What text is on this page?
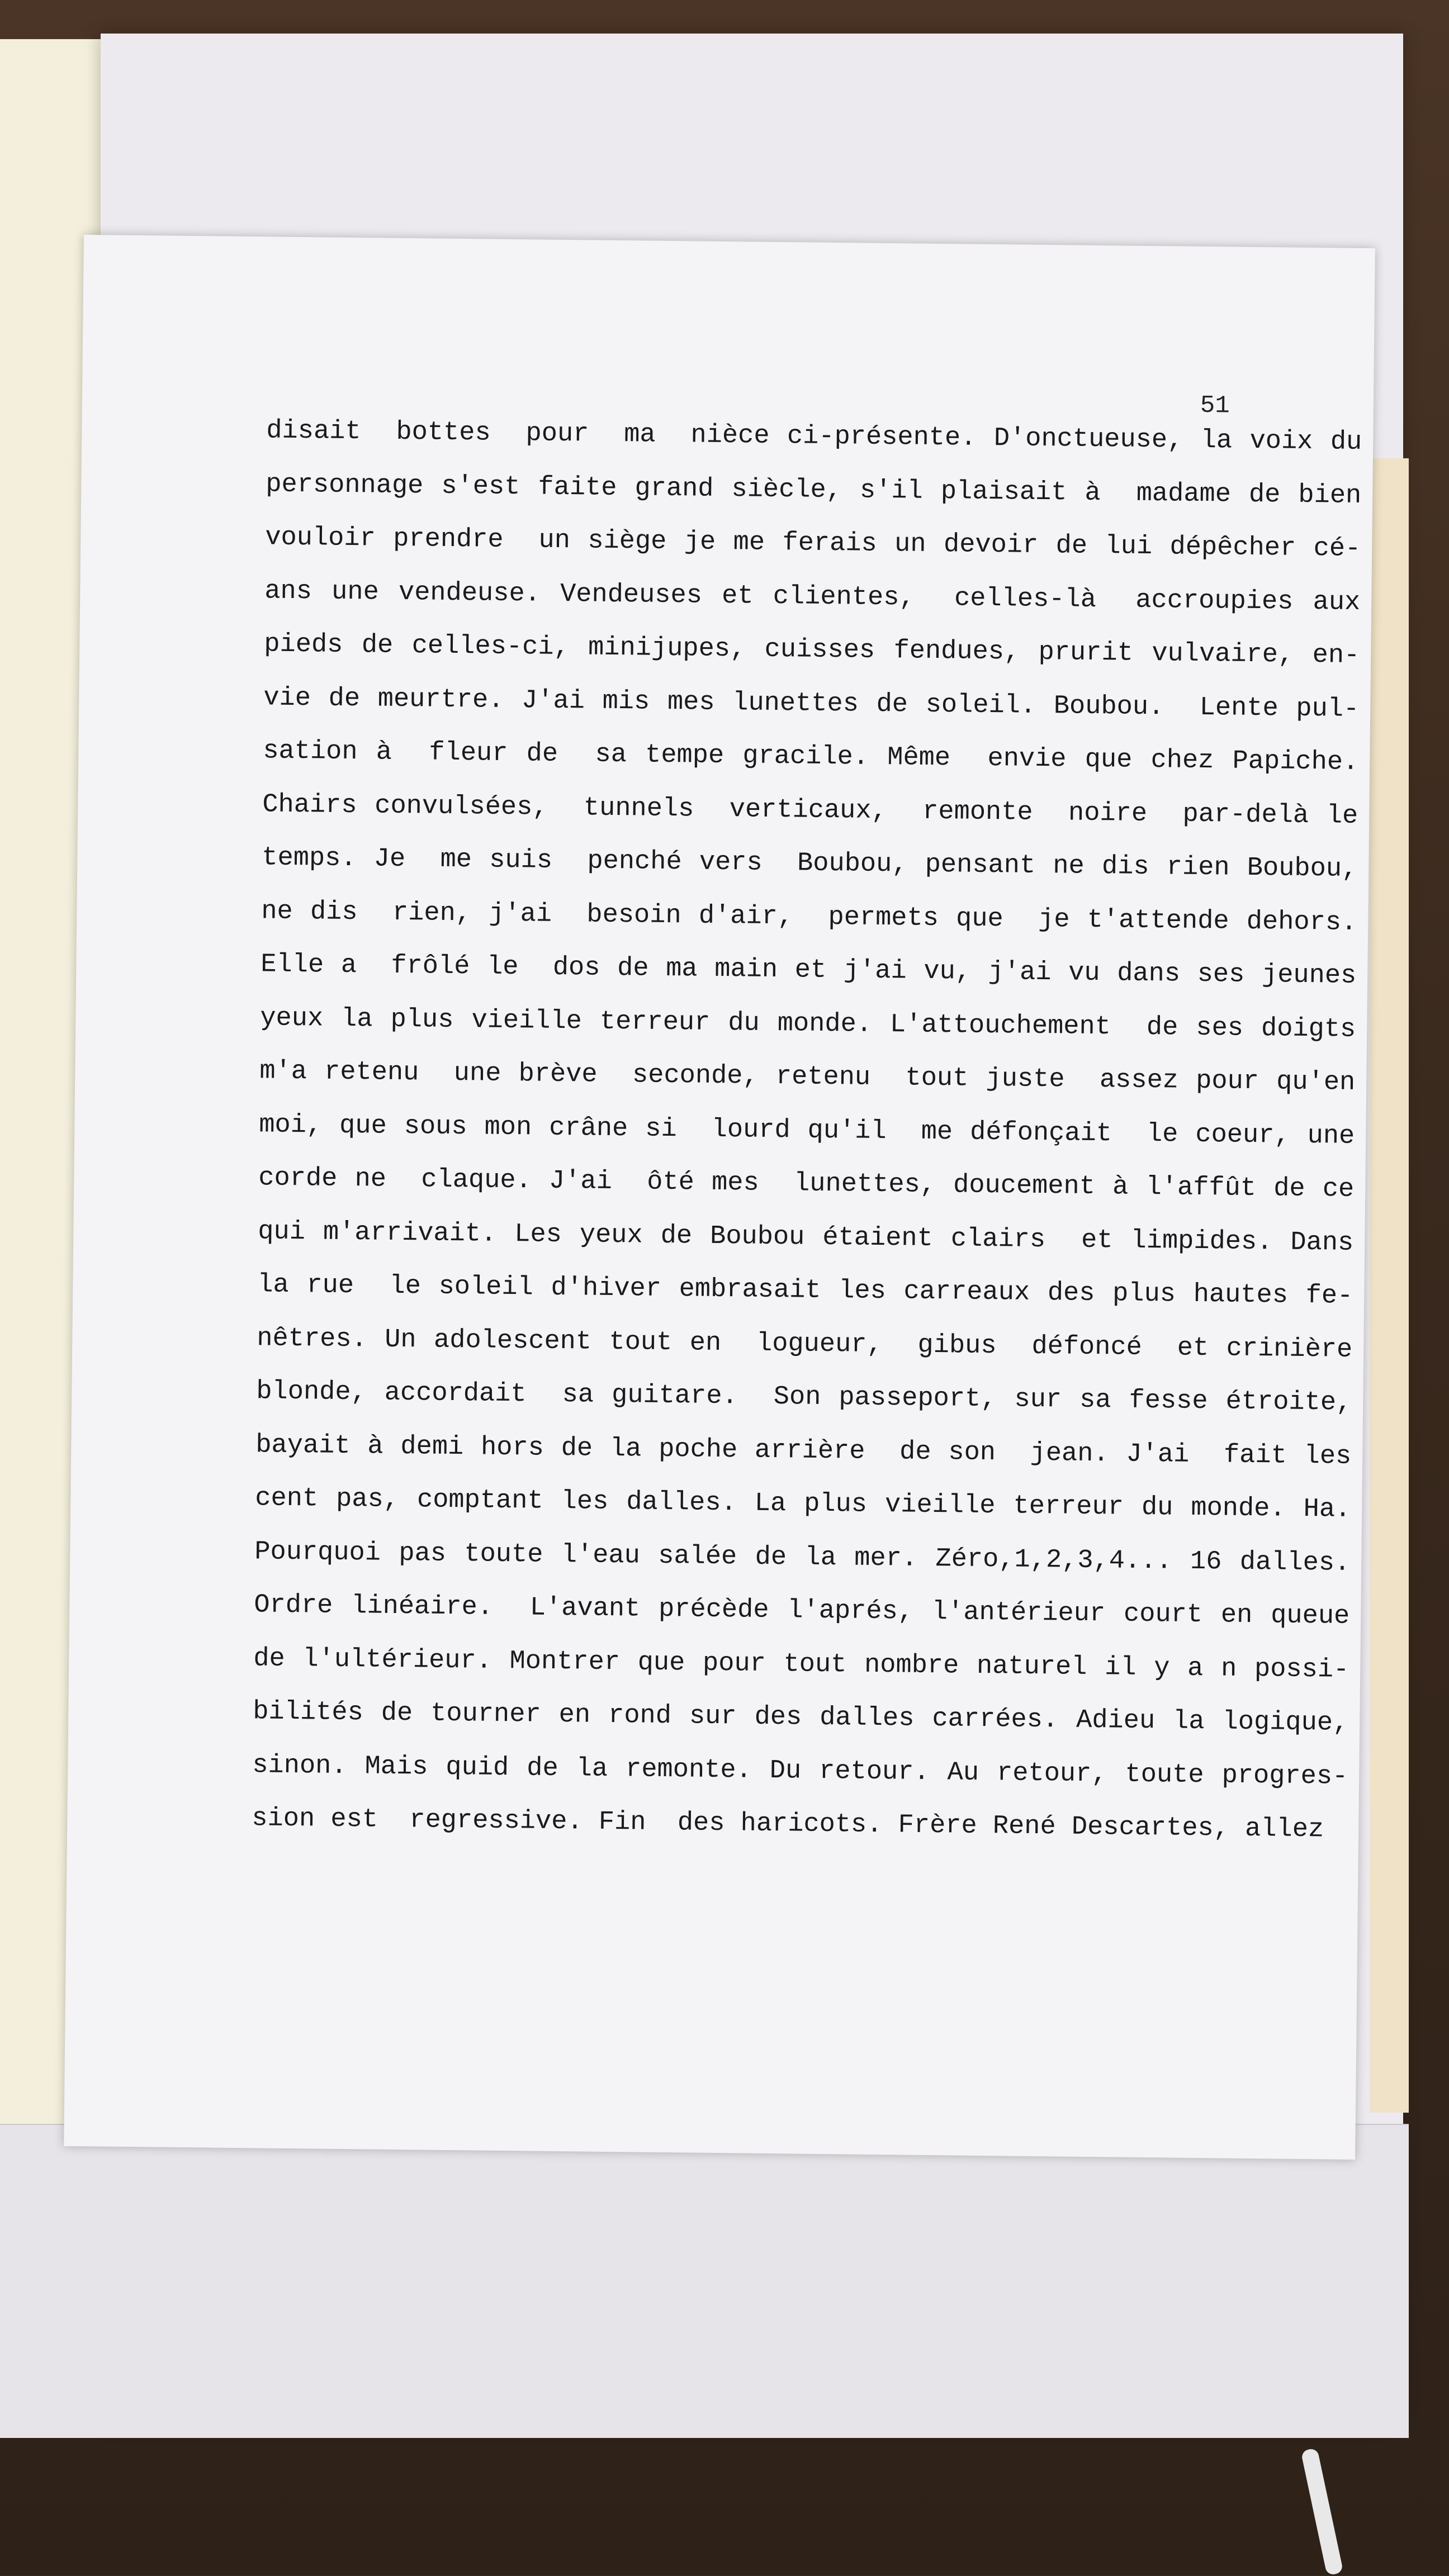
51
disait  bottes  pour  ma  nièce ci-présente. D'onctueuse, la voix du
personnage s'est faite grand siècle, s'il plaisait à  madame de bien
vouloir prendre  un siège je me ferais un devoir de lui dépêcher cé-
ans une vendeuse. Vendeuses et clientes,  celles-là  accroupies aux
pieds de celles-ci, minijupes, cuisses fendues, prurit vulvaire, en-
vie de meurtre. J'ai mis mes lunettes de soleil. Boubou.  Lente pul-
sation à  fleur de  sa tempe gracile. Même  envie que chez Papiche.
Chairs convulsées,  tunnels  verticaux,  remonte  noire  par-delà le
temps. Je  me suis  penché vers  Boubou, pensant ne dis rien Boubou,
ne dis  rien, j'ai  besoin d'air,  permets que  je t'attende dehors.
Elle a  frôlé le  dos de ma main et j'ai vu, j'ai vu dans ses jeunes
yeux la plus vieille terreur du monde. L'attouchement  de ses doigts
m'a retenu  une brève  seconde, retenu  tout juste  assez pour qu'en
moi, que sous mon crâne si  lourd qu'il  me défonçait  le coeur, une
corde ne  claque. J'ai  ôté mes  lunettes, doucement à l'affût de ce
qui m'arrivait. Les yeux de Boubou étaient clairs  et limpides. Dans
la rue  le soleil d'hiver embrasait les carreaux des plus hautes fe-
nêtres. Un adolescent tout en  logueur,  gibus  défoncé  et crinière
blonde, accordait  sa guitare.  Son passeport, sur sa fesse étroite,
bayait à demi hors de la poche arrière  de son  jean. J'ai  fait les
cent pas, comptant les dalles. La plus vieille terreur du monde. Ha.
Pourquoi pas toute l'eau salée de la mer. Zéro,1,2,3,4... 16 dalles.
Ordre linéaire.  L'avant précède l'aprés, l'antérieur court en queue
de l'ultérieur. Montrer que pour tout nombre naturel il y a n possi-
bilités de tourner en rond sur des dalles carrées. Adieu la logique,
sinon. Mais quid de la remonte. Du retour. Au retour, toute progres-
sion est  regressive. Fin  des haricots. Frère René Descartes, allez
